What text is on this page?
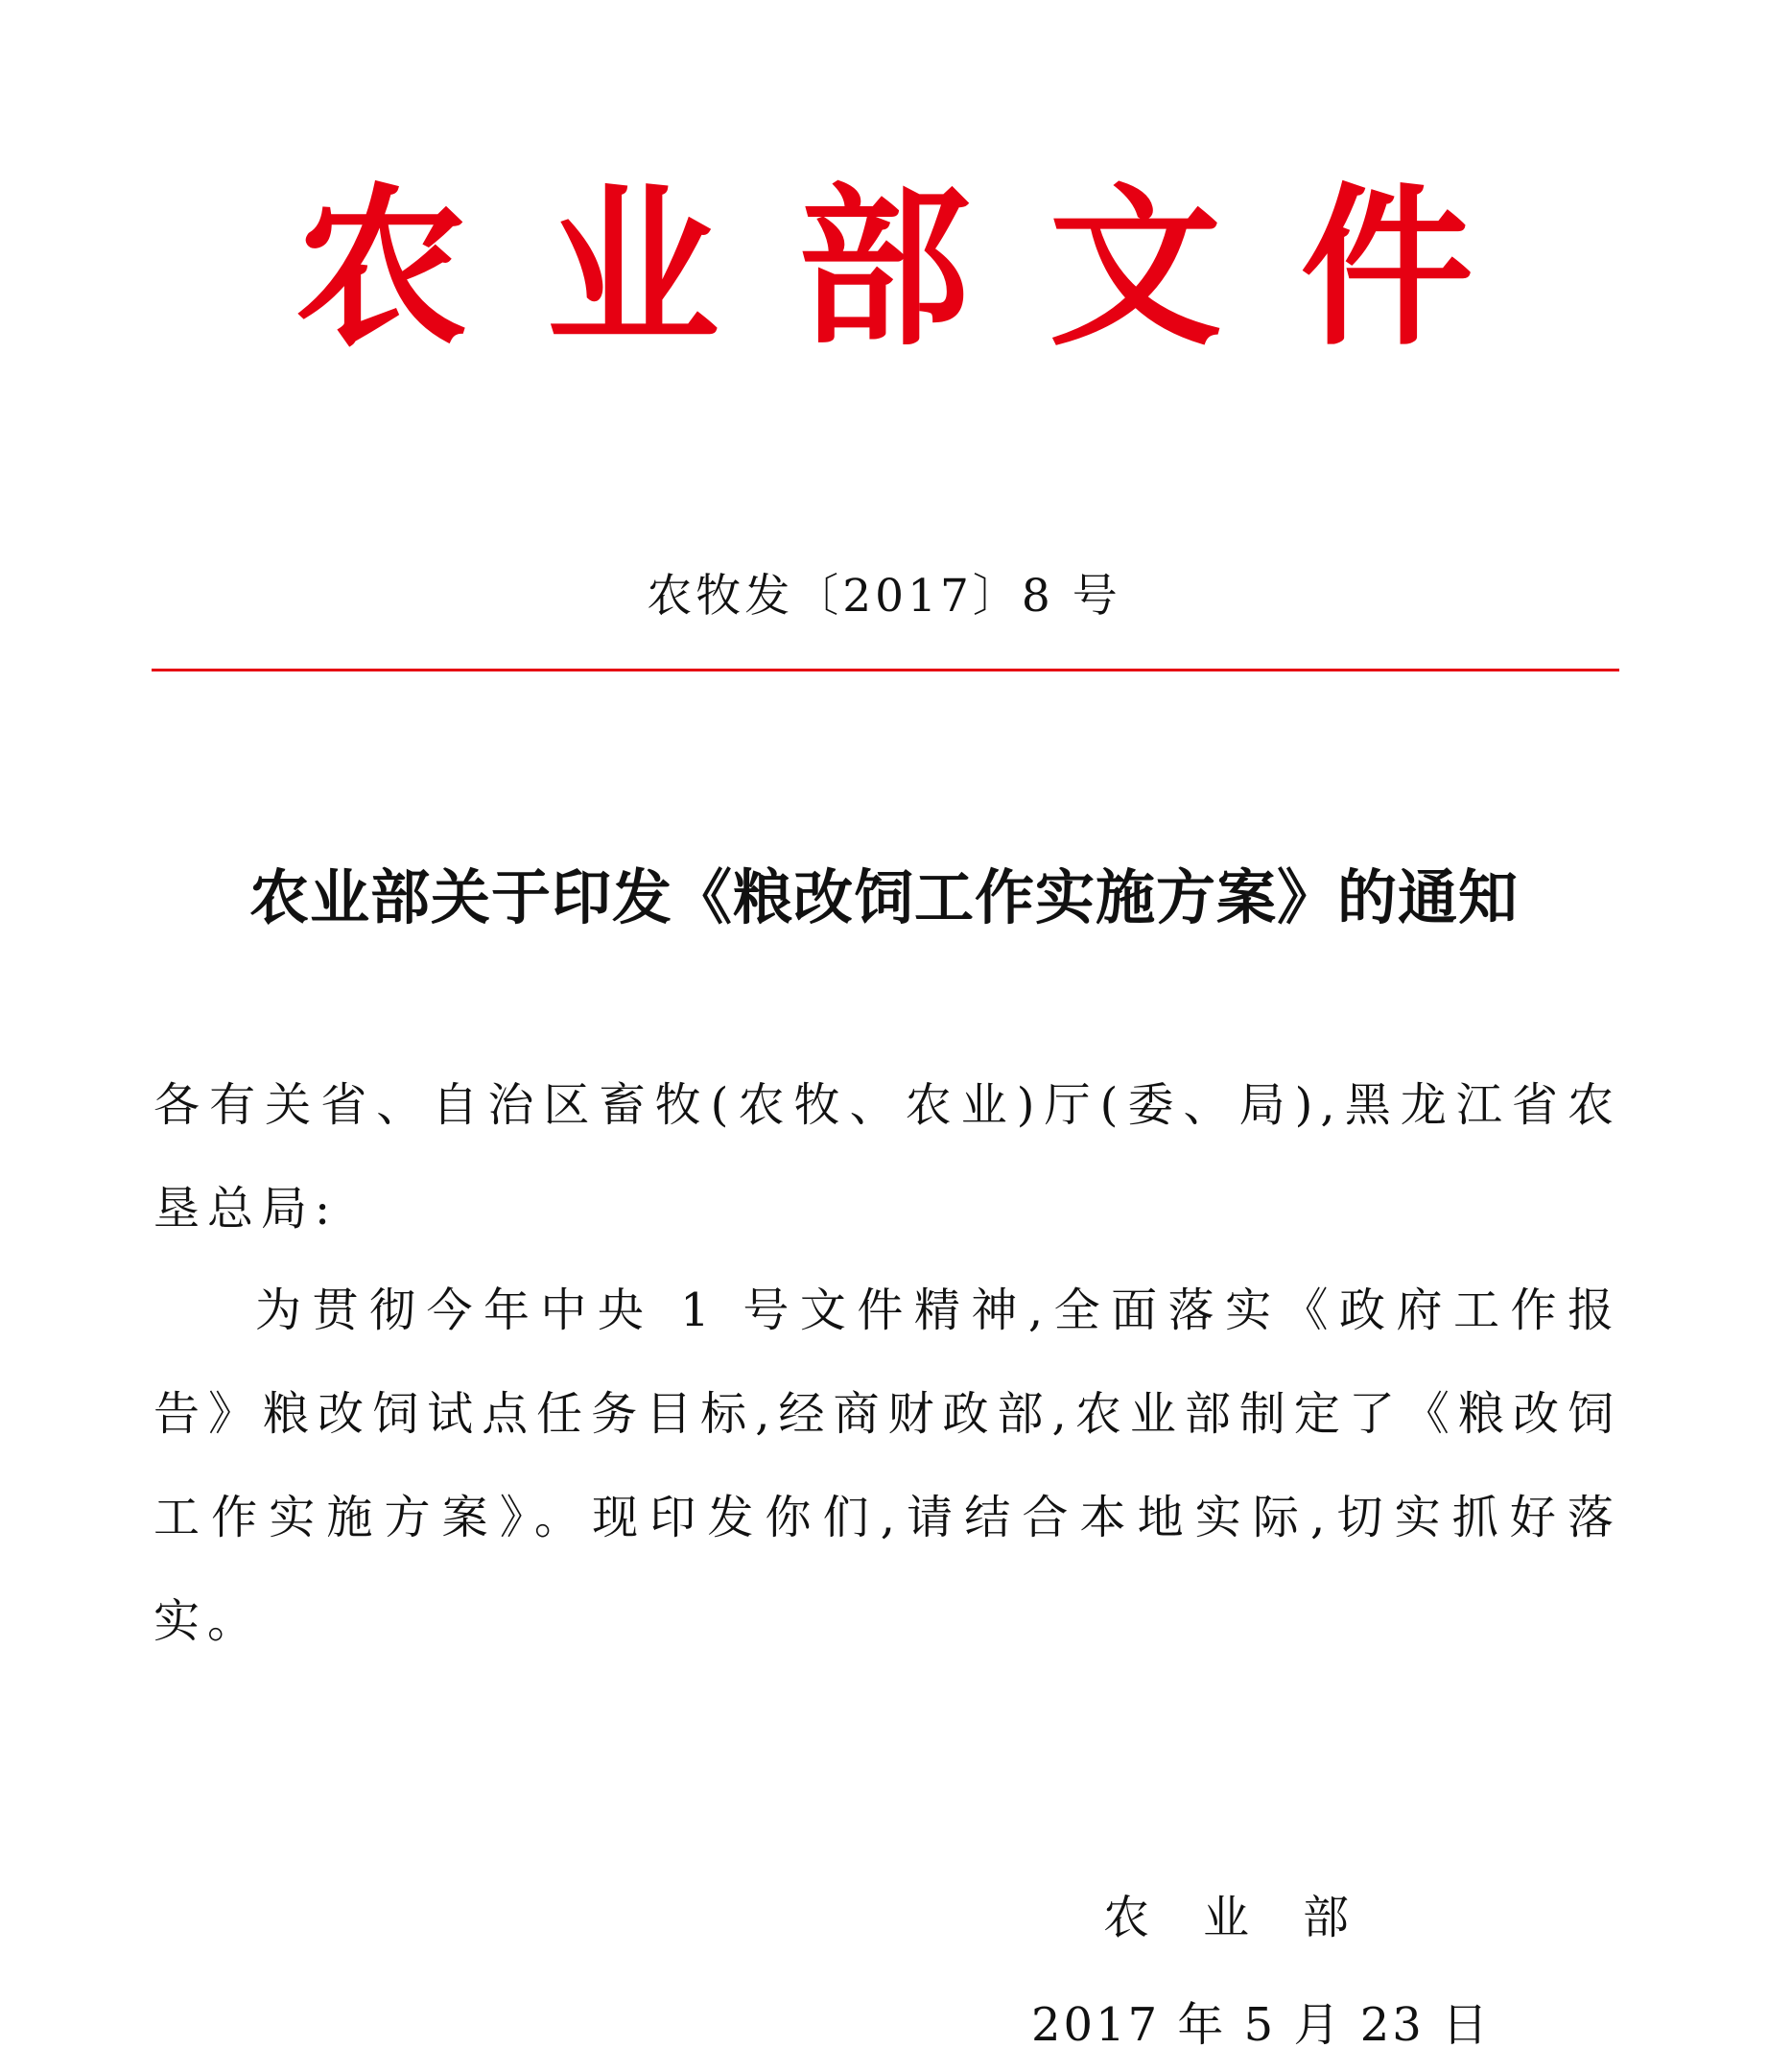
农业部文件
农牧发〔2017〕8 号
农业部关于印发《粮改饲工作实施方案》的通知
各有关省、自治区畜牧(农牧、农业)厅(委、局),黑龙江省农垦总局:
为贯彻今年中央 1 号文件精神,全面落实《政府工作报告》粮改饲试点任务目标,经商财政部,农业部制定了《粮改饲工作实施方案》。现印发你们,请结合本地实际,切实抓好落实。
农业部
2017 年 5 月 23 日
